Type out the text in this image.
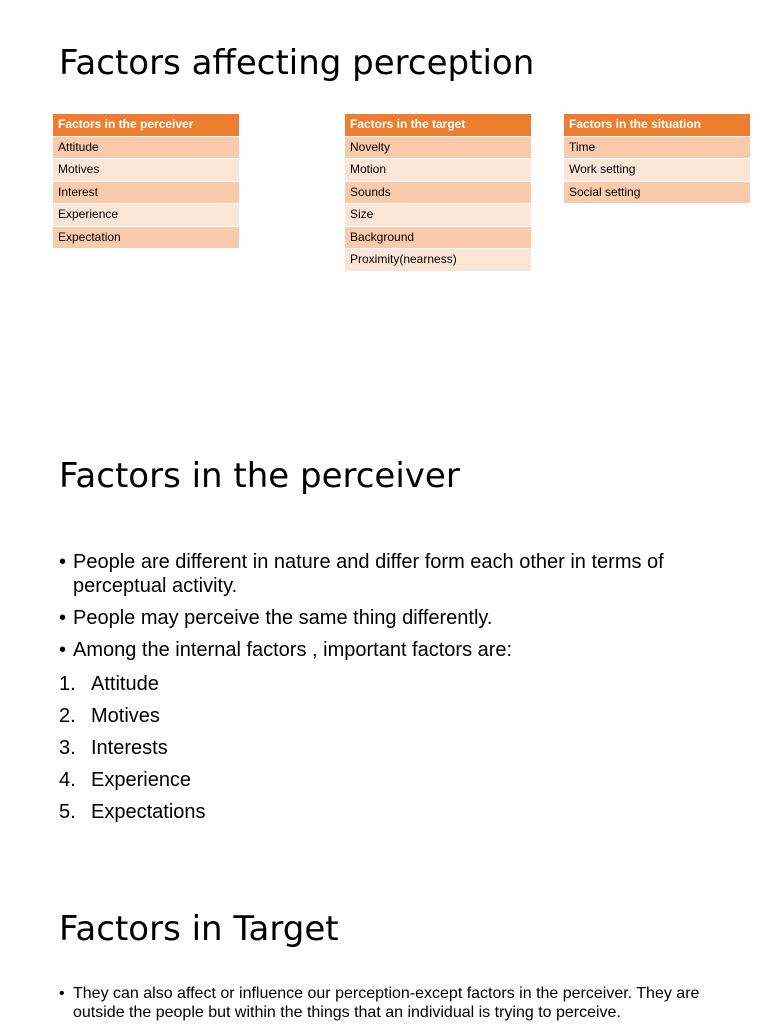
Factors affecting perception
Factors in the perceiver
Attitude
Motives
Interest
Experience
Expectation
Factors in the target
Novelty
Motion
Sounds
Size
Background
Proximity(nearness)
Factors in the situation
Time
Work setting
Social setting
Factors in the perceiver
• People are different in nature and differ form each other in terms of perceptual activity.
• People may perceive the same thing differently.
• Among the internal factors , important factors are:
1. Attitude
2. Motives
3. Interests
4. Experience
5. Expectations
Factors in Target
• They can also affect or influence our perception-except factors in the perceiver. They are outside the people but within the things that an individual is trying to perceive.
